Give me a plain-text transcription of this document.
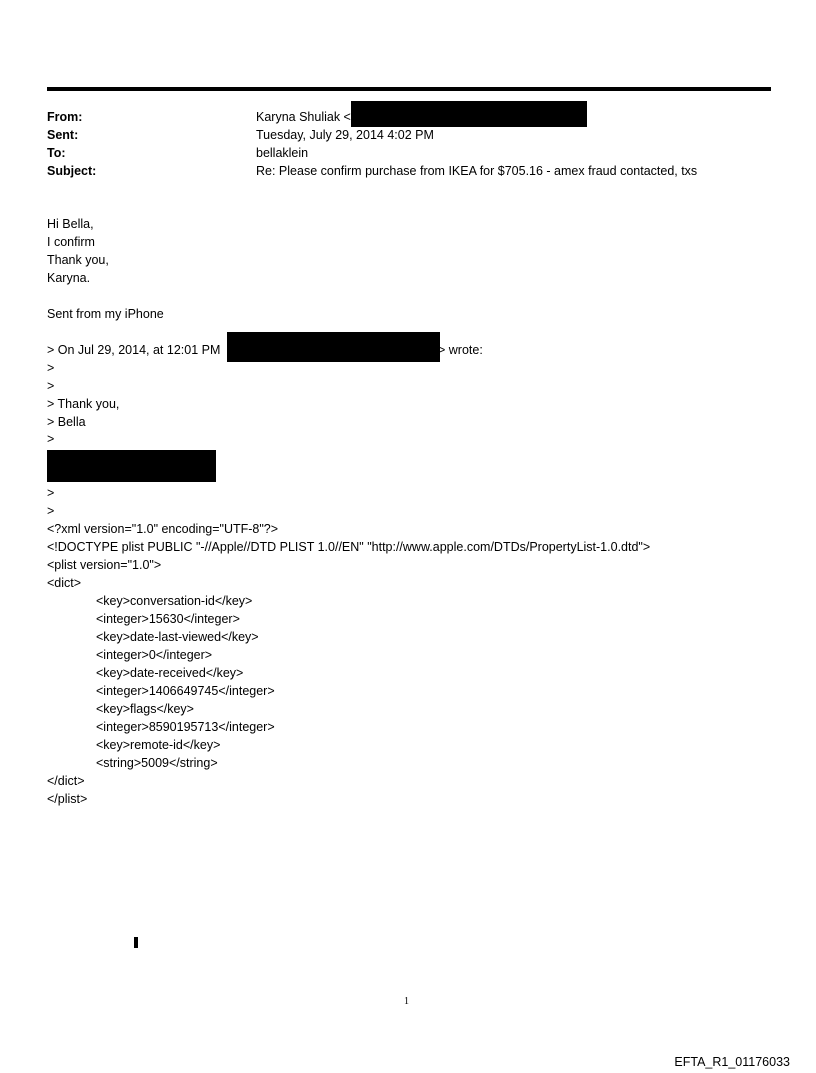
From:	Karyna Shuliak <
Sent:	Tuesday, July 29, 2014 4:02 PM
To:	bellaklein
Subject:	Re: Please confirm purchase from IKEA for $705.16 - amex fraud contacted, txs
Hi Bella,
I confirm
Thank you,
Karyna.
Sent from my iPhone
> On Jul 29, 2014, at 12:01 PM	> wrote:
>
>
> Thank you,
> Bella
>
>
>
<?xml version="1.0" encoding="UTF-8"?>
<!DOCTYPE plist PUBLIC "-//Apple//DTD PLIST 1.0//EN" "http://www.apple.com/DTDs/PropertyList-1.0.dtd">
<plist version="1.0">
<dict>
<key>conversation-id</key>
<integer>15630</integer>
<key>date-last-viewed</key>
<integer>0</integer>
<key>date-received</key>
<integer>1406649745</integer>
<key>flags</key>
<integer>8590195713</integer>
<key>remote-id</key>
<string>5009</string>
</dict>
</plist>
1
EFTA_R1_01176033
